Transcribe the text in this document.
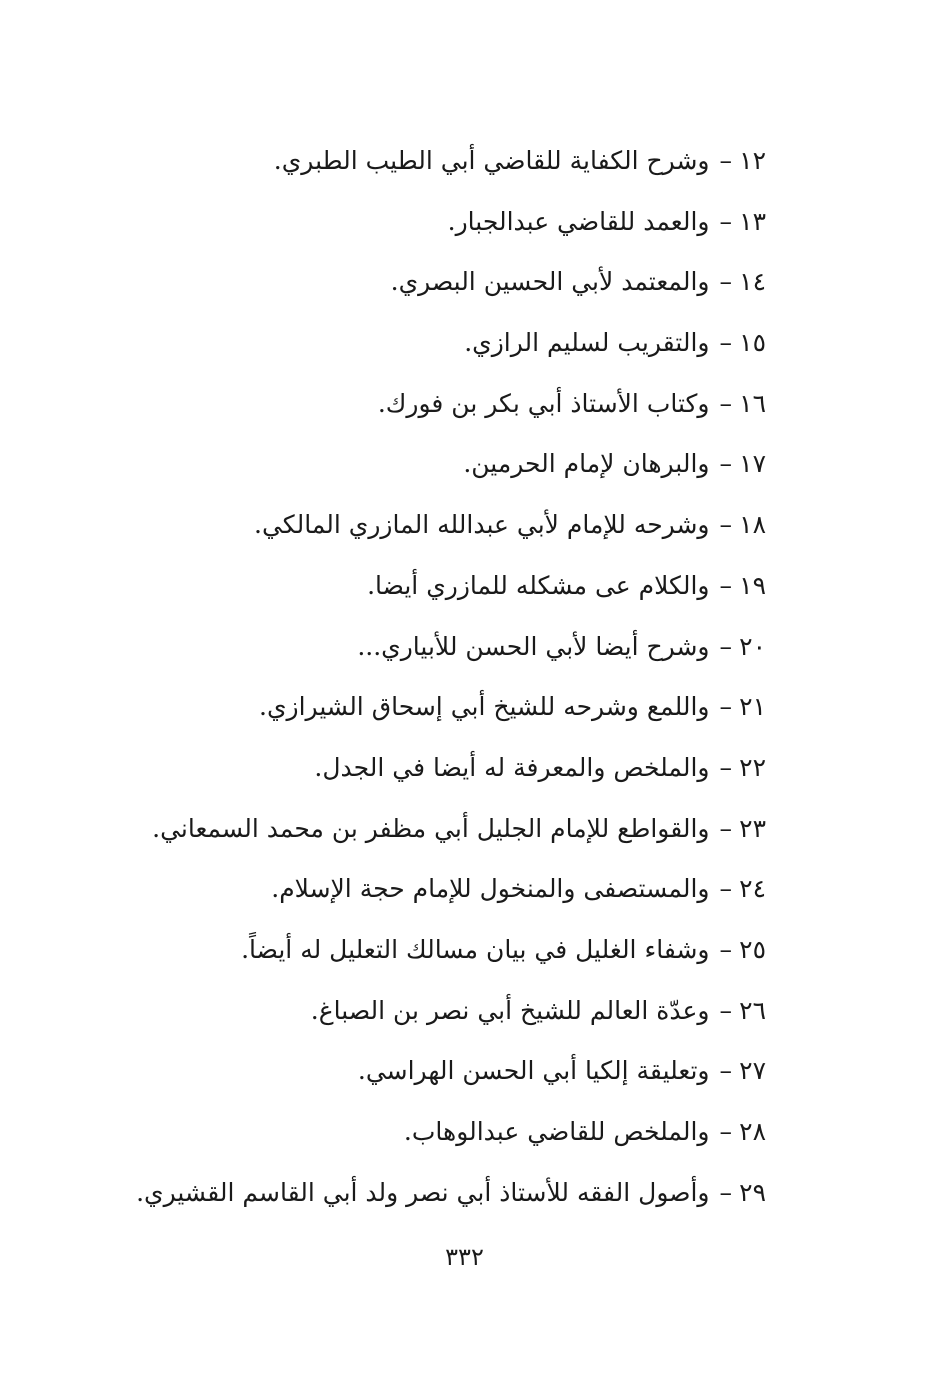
١٢–وشرح الكفاية للقاضي أبي الطيب الطبري.
١٣–والعمد للقاضي عبدالجبار.
١٤–والمعتمد لأبي الحسين البصري.
١٥–والتقريب لسليم الرازي.
١٦–وكتاب الأستاذ أبي بكر بن فورك.
١٧–والبرهان لإمام الحرمين.
١٨–وشرحه للإمام لأبي عبدالله المازري المالكي.
١٩–والكلام عى مشكله للمازري أيضا.
٢٠–وشرح أيضا لأبي الحسن للأبياري...
٢١–واللمع وشرحه للشيخ أبي إسحاق الشيرازي.
٢٢–والملخص والمعرفة له أيضا في الجدل.
٢٣–والقواطع للإمام الجليل أبي مظفر بن محمد السمعاني.
٢٤–والمستصفى والمنخول للإمام حجة الإسلام.
٢٥–وشفاء الغليل في بيان مسالك التعليل له أيضاً.
٢٦–وعدّة العالم للشيخ أبي نصر بن الصباغ.
٢٧–وتعليقة إلكيا أبي الحسن الهراسي.
٢٨–والملخص للقاضي عبدالوهاب.
٢٩–وأصول الفقه للأستاذ أبي نصر ولد أبي القاسم القشيري.
٣٣٢
